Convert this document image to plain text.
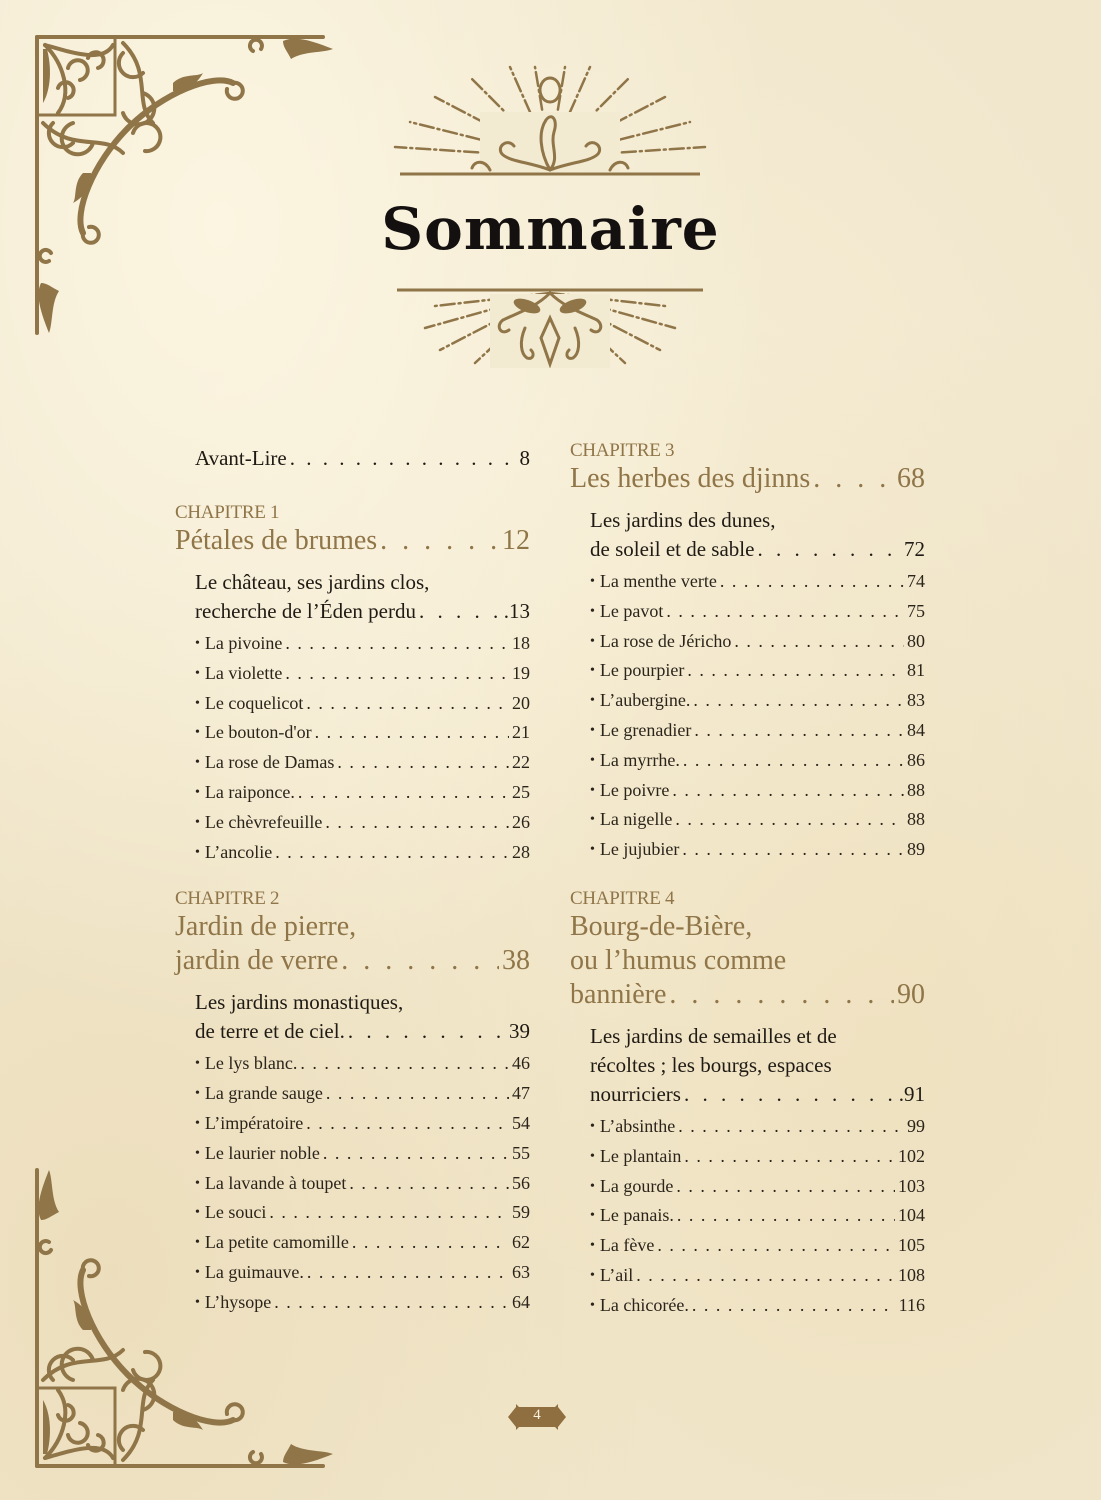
Sommaire
Avant-Lire . . .	8
CHAPITRE 1
Pétales de brumes . . .	12
Le château, ses jardins clos,
recherche de l’Éden perdu . . .	.13
• La pivoine . . .	18
• La violette . . .	19
• Le coquelicot . . .	20
• Le bouton-d'or . . .	21
• La rose de Damas . . .	22
• La raiponce. . . .	25
• Le chèvrefeuille . . .	26
• L’ancolie . . .	28
CHAPITRE 2
Jardin de pierre,
jardin de verre . . .	38
Les jardins monastiques,
de terre et de ciel. . . .	39
• Le lys blanc. . . .	46
• La grande sauge . . .	47
• L’impératoire . . .	54
• Le laurier noble . . .	55
• La lavande à toupet . . .	56
• Le souci . . .	59
• La petite camomille . . .	62
• La guimauve. . . .	63
• L’hysope . . .	64
CHAPITRE 3
Les herbes des djinns . . .	68
Les jardins des dunes,
de soleil et de sable . . .	72
• La menthe verte . . .	74
• Le pavot . . .	75
• La rose de Jéricho . . .	80
• Le pourpier . . .	81
• L’aubergine. . . .	83
• Le grenadier . . .	84
• La myrrhe. . . .	86
• Le poivre . . .	88
• La nigelle . . .	88
• Le jujubier . . .	89
CHAPITRE 4
Bourg-de-Bière,
ou l’humus comme
bannière . . .	90
Les jardins de semailles et de
récoltes ; les bourgs, espaces
nourriciers . . .	.91
• L’absinthe . . .	99
• Le plantain . . .	102
• La gourde . . .	103
• Le panais. . . .	104
• La fève . . .	105
• L’ail . . .	108
• La chicorée. . . .	116
4
